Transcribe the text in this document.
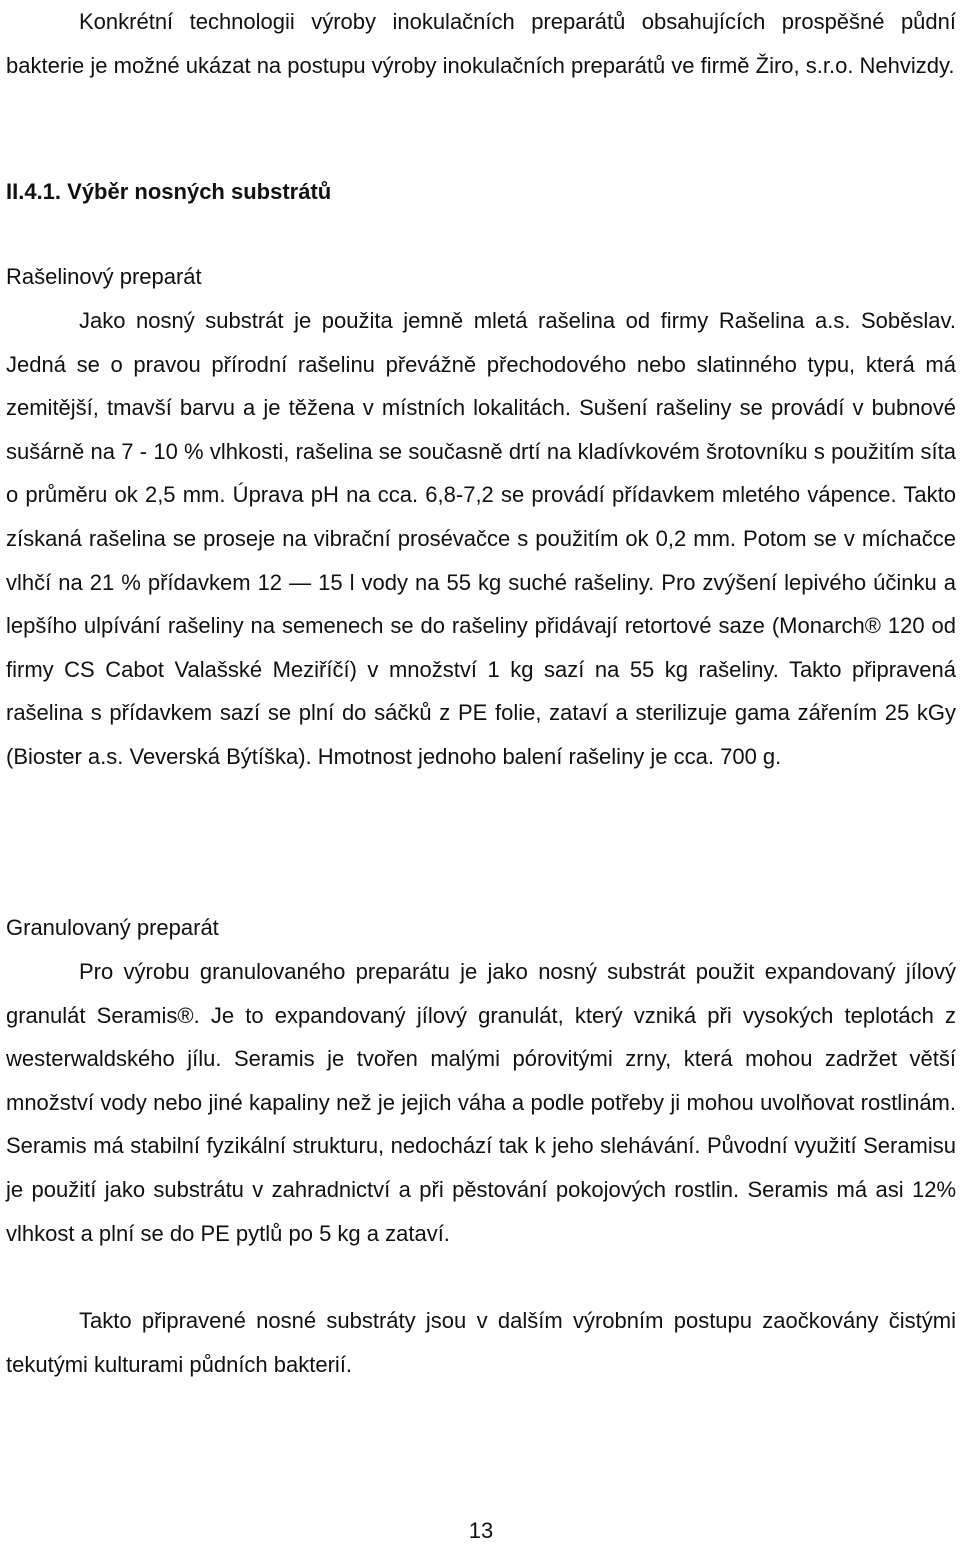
Konkrétní technologii výroby inokulačních preparátů obsahujících prospěšné půdní bakterie je možné ukázat na postupu výroby inokulačních preparátů ve firmě Žiro, s.r.o. Nehvizdy.

II.4.1. Výběr nosných substrátů

Rašelinový preparát

Jako nosný substrát je použita jemně mletá rašelina od firmy Rašelina a.s. Soběslav. Jedná se o pravou přírodní rašelinu převážně přechodového nebo slatinného typu, která má zemitější, tmavší barvu a je těžena v místních lokalitách. Sušení rašeliny se provádí v bubnové sušárně na 7 - 10 % vlhkosti, rašelina se současně drtí na kladívkovém šrotovníku s použitím síta o průměru ok 2,5 mm. Úprava pH na cca. 6,8-7,2 se provádí přídavkem mletého vápence. Takto získaná rašelina se proseje na vibrační prosévačce s použitím ok 0,2 mm. Potom se v míchačce vlhčí na 21 % přídavkem 12 — 15 l vody na 55 kg suché rašeliny. Pro zvýšení lepivého účinku a lepšího ulpívání rašeliny na semenech se do rašeliny přidávají retortové saze (Monarch® 120 od firmy CS Cabot Valašské Meziříčí) v množství 1 kg sazí na 55 kg rašeliny. Takto připravená rašelina s přídavkem sazí se plní do sáčků z PE folie, zataví a sterilizuje gama zářením 25 kGy (Bioster a.s. Veverská Býtíška). Hmotnost jednoho balení rašeliny je cca. 700 g.

Granulovaný preparát

Pro výrobu granulovaného preparátu je jako nosný substrát použit expandovaný jílový granulát Seramis®. Je to expandovaný jílový granulát, který vzniká při vysokých teplotách z westerwaldského jílu. Seramis je tvořen malými pórovitými zrny, která mohou zadržet větší množství vody nebo jiné kapaliny než je jejich váha a podle potřeby ji mohou uvolňovat rostlinám. Seramis má stabilní fyzikální strukturu, nedochází tak k jeho slehávání. Původní využití Seramisu je použití jako substrátu v zahradnictví a při pěstování pokojových rostlin. Seramis má asi 12% vlhkost a plní se do PE pytlů po 5 kg a zataví.

Takto připravené nosné substráty jsou v dalším výrobním postupu zaočkovány čistými tekutými kulturami půdních bakterií.

13
